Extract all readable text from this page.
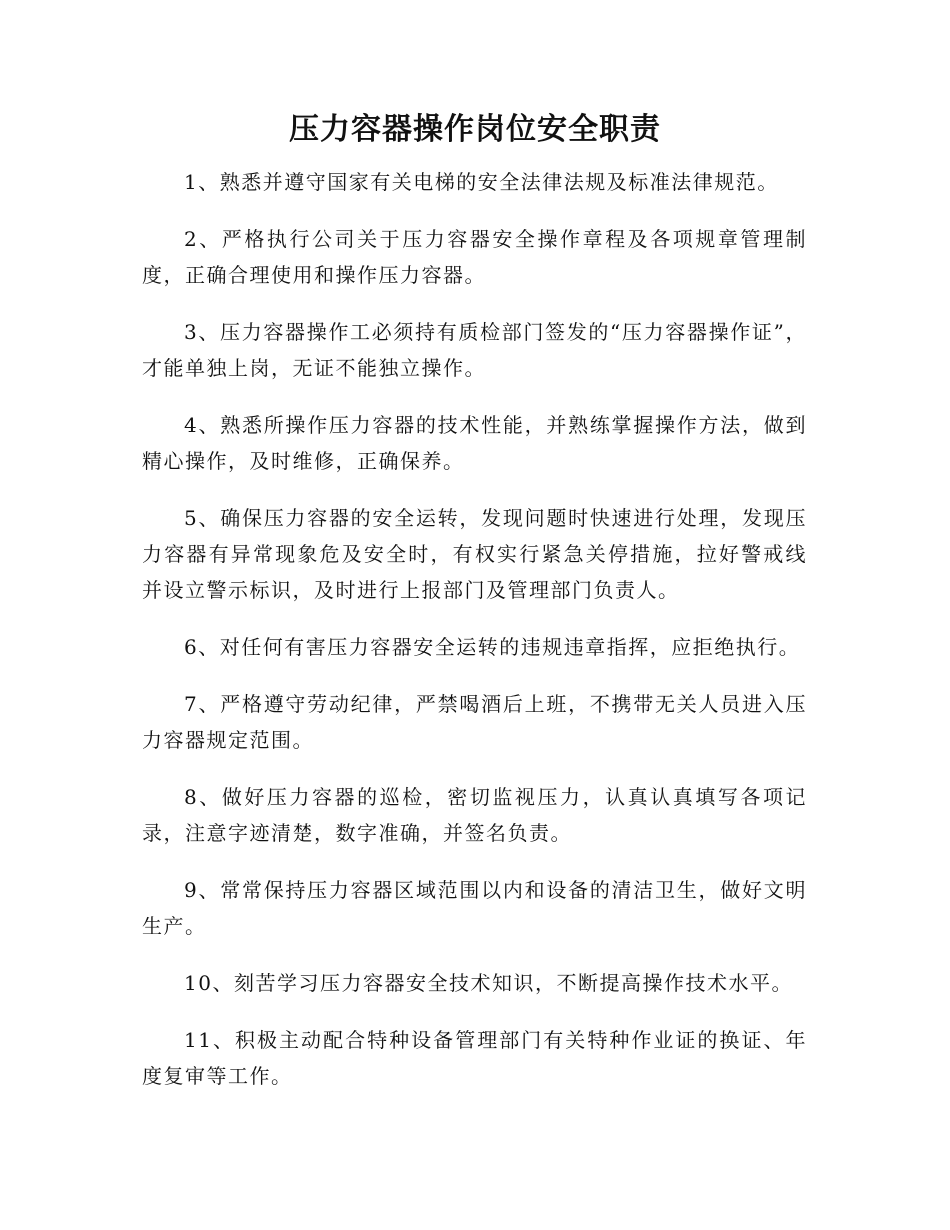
压力容器操作岗位安全职责

1、熟悉并遵守国家有关电梯的安全法律法规及标准法律规范。

2、严格执行公司关于压力容器安全操作章程及各项规章管理制度，正确合理使用和操作压力容器。

3、压力容器操作工必须持有质检部门签发的“压力容器操作证”，才能单独上岗，无证不能独立操作。

4、熟悉所操作压力容器的技术性能，并熟练掌握操作方法，做到精心操作，及时维修，正确保养。

5、确保压力容器的安全运转，发现问题时快速进行处理，发现压力容器有异常现象危及安全时，有权实行紧急关停措施，拉好警戒线并设立警示标识，及时进行上报部门及管理部门负责人。

6、对任何有害压力容器安全运转的违规违章指挥，应拒绝执行。

7、严格遵守劳动纪律，严禁喝酒后上班，不携带无关人员进入压力容器规定范围。

8、做好压力容器的巡检，密切监视压力，认真认真填写各项记录，注意字迹清楚，数字准确，并签名负责。

9、常常保持压力容器区域范围以内和设备的清洁卫生，做好文明生产。

10、刻苦学习压力容器安全技术知识，不断提高操作技术水平。

11、积极主动配合特种设备管理部门有关特种作业证的换证、年度复审等工作。
